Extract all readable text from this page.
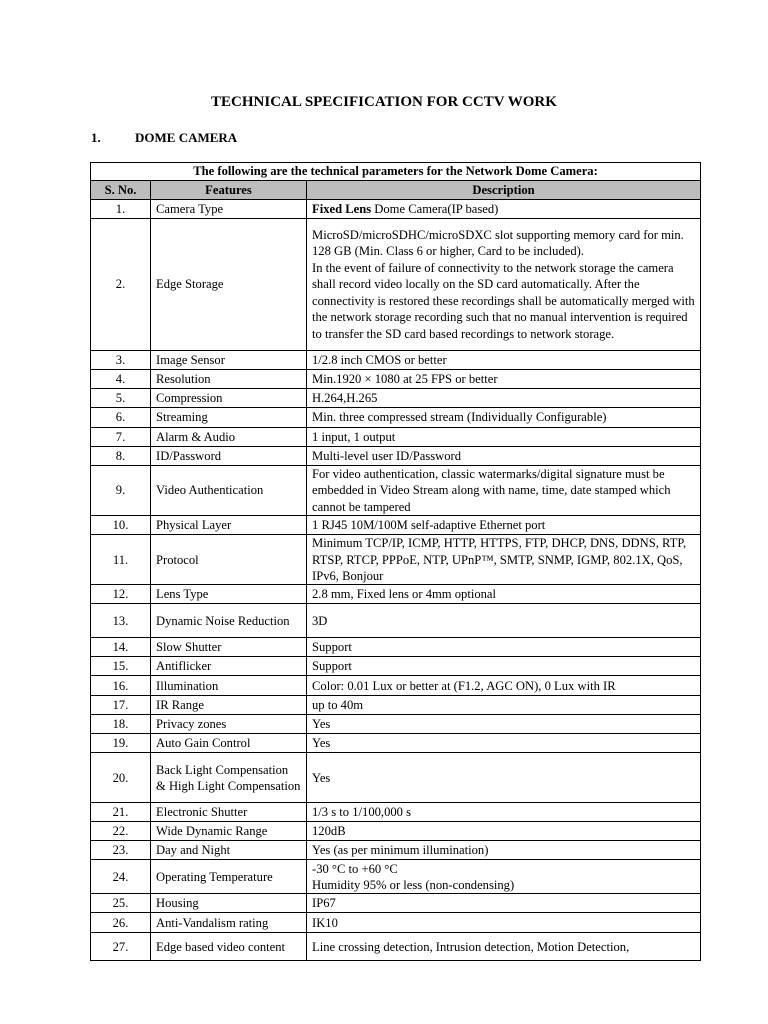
TECHNICAL SPECIFICATION FOR CCTV WORK
1.	DOME CAMERA
The following are the technical parameters for the Network Dome Camera:		
S. No.	Features	Description
1.	Camera Type	Fixed Lens Dome Camera(IP based)
2.	Edge Storage	MicroSD/microSDHC/microSDXC slot supporting memory card for min. 128 GB (Min. Class 6 or higher, Card to be included).
In the event of failure of connectivity to the network storage the camera shall record video locally on the SD card automatically. After the connectivity is restored these recordings shall be automatically merged with the network storage recording such that no manual intervention is required to transfer the SD card based recordings to network storage.
3.	Image Sensor	1/2.8 inch CMOS or better
4.	Resolution	Min.1920 × 1080 at 25 FPS or better
5.	Compression	H.264,H.265
6.	Streaming	Min. three compressed stream (Individually Configurable)
7.	Alarm & Audio	1 input, 1 output
8.	ID/Password	Multi-level user ID/Password
9.	Video Authentication	For video authentication, classic watermarks/digital signature must be embedded in Video Stream along with name, time, date stamped which cannot be tampered
10.	Physical Layer	1 RJ45 10M/100M self-adaptive Ethernet port
11.	Protocol	Minimum TCP/IP, ICMP, HTTP, HTTPS, FTP, DHCP, DNS, DDNS, RTP, RTSP, RTCP, PPPoE, NTP, UPnP™, SMTP, SNMP, IGMP, 802.1X, QoS, IPv6, Bonjour
12.	Lens Type	2.8 mm, Fixed lens or 4mm optional
13.	Dynamic Noise Reduction	3D
14.	Slow Shutter	Support
15.	Antiflicker	Support
16.	Illumination	Color: 0.01 Lux or better at (F1.2, AGC ON), 0 Lux with IR
17.	IR Range	up to 40m
18.	Privacy zones	Yes
19.	Auto Gain Control	Yes
20.	Back Light Compensation & High Light Compensation	Yes
21.	Electronic Shutter	1/3 s to 1/100,000 s
22.	Wide Dynamic Range	120dB
23.	Day and Night	Yes (as per minimum illumination)
24.	Operating Temperature	-30 °C to +60 °C
Humidity 95% or less (non-condensing)
25.	Housing	IP67
26.	Anti-Vandalism rating	IK10
27.	Edge based video content	Line crossing detection, Intrusion detection, Motion Detection,
